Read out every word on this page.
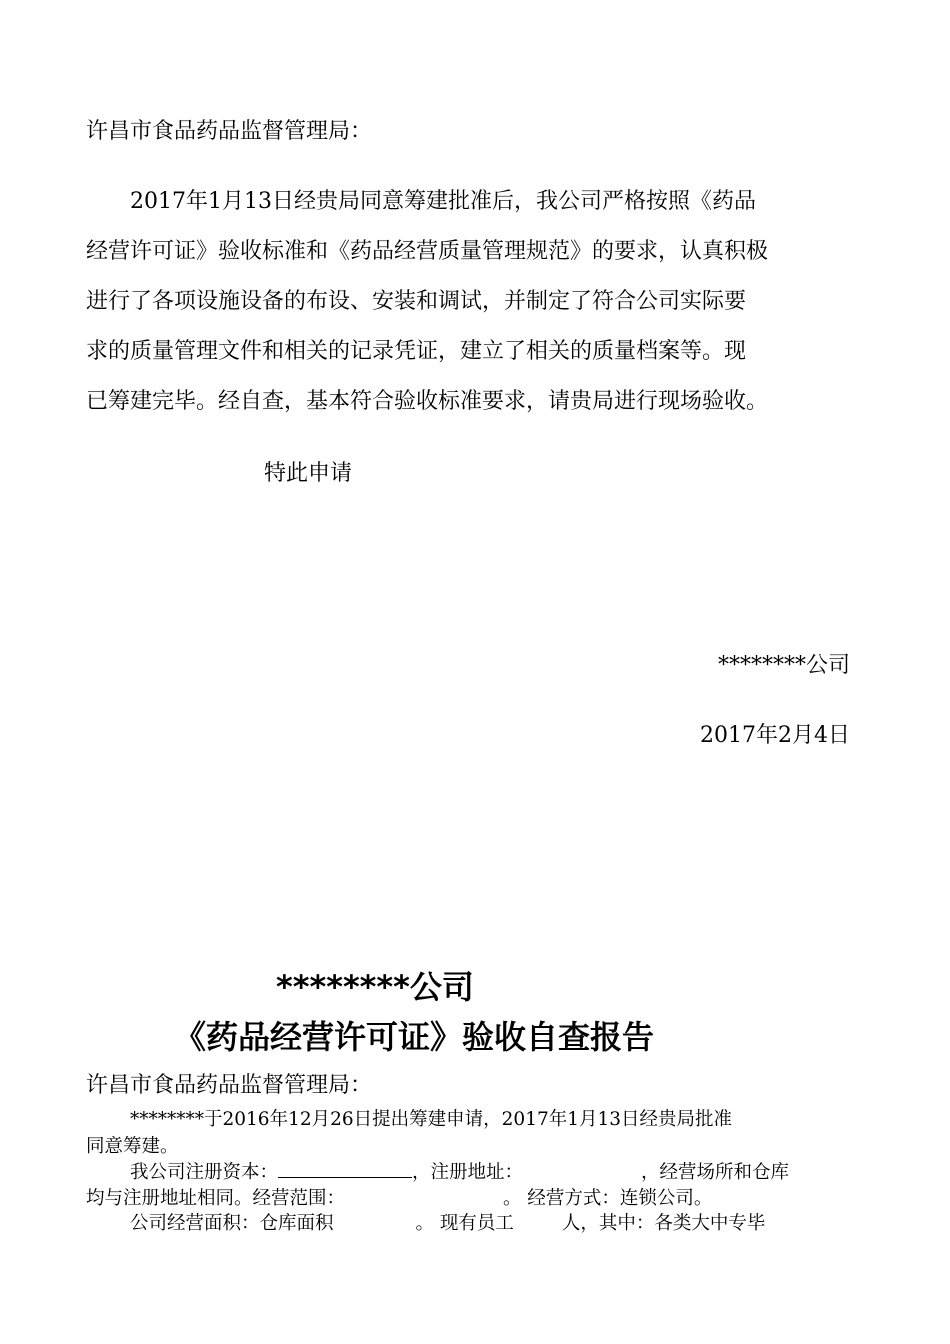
许昌市食品药品监督管理局：
　　2017年1月13日经贵局同意筹建批准后，我公司严格按照《药品
经营许可证》验收标准和《药品经营质量管理规范》的要求，认真积极
进行了各项设施设备的布设、安装和调试，并制定了符合公司实际要
求的质量管理文件和相关的记录凭证，建立了相关的质量档案等。现
已筹建完毕。经自查，基本符合验收标准要求，请贵局进行现场验收。
特此申请
********公司
2017年2月4日
********公司
《药品经营许可证》验收自查报告
许昌市食品药品监督管理局：
********于2016年12月26日提出筹建申请，2017年1月13日经贵局批准
同意筹建。
我公司注册资本：	，注册地址：	，经营场所和仓库
均与注册地址相同。经营范围：	。 经营方式：连锁公司。
公司经营面积：仓库面积	。 现有员工	人，其中：各类大中专毕
